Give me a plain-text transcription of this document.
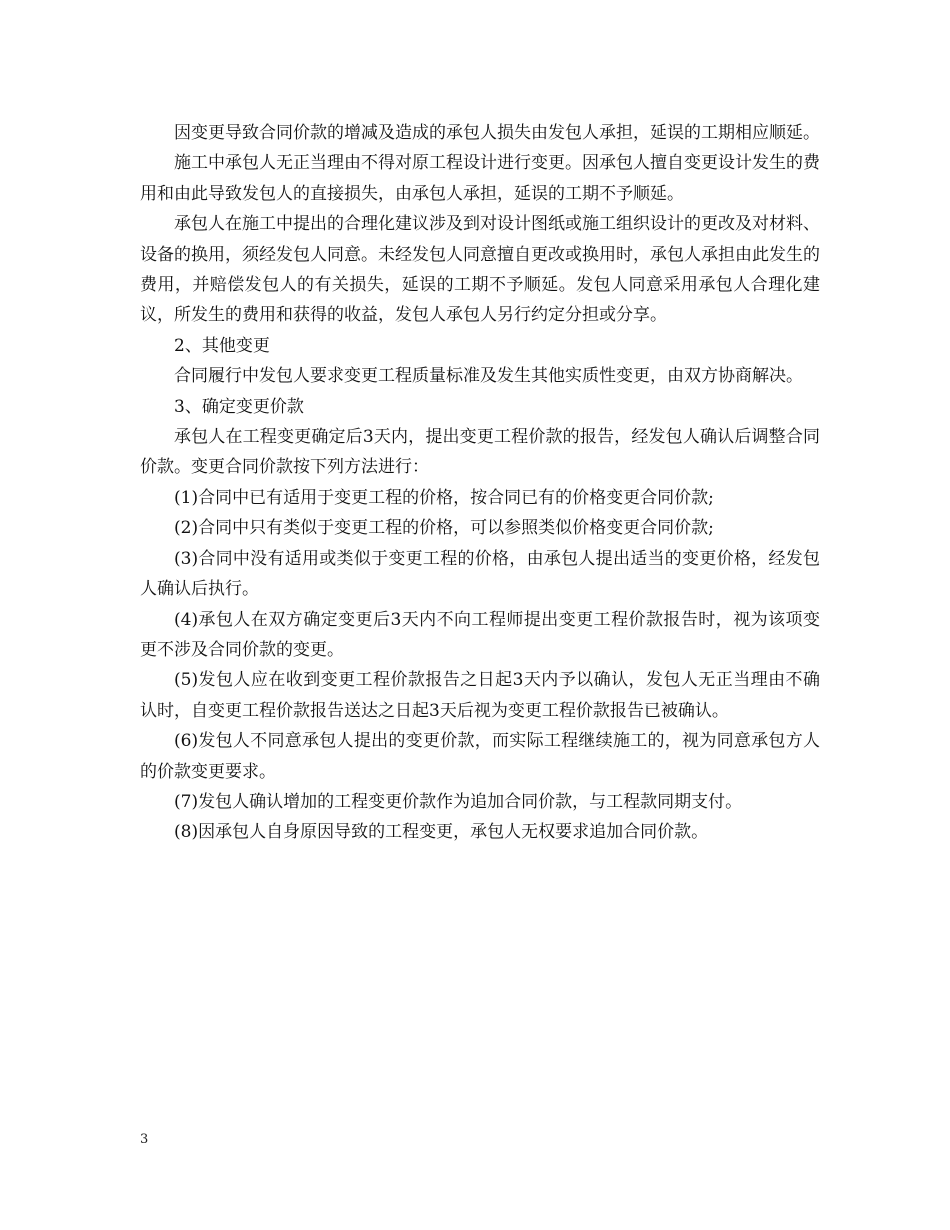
因变更导致合同价款的增减及造成的承包人损失由发包人承担，延误的工期相应顺延。

施工中承包人无正当理由不得对原工程设计进行变更。因承包人擅自变更设计发生的费用和由此导致发包人的直接损失，由承包人承担，延误的工期不予顺延。

承包人在施工中提出的合理化建议涉及到对设计图纸或施工组织设计的更改及对材料、设备的换用，须经发包人同意。未经发包人同意擅自更改或换用时，承包人承担由此发生的费用，并赔偿发包人的有关损失，延误的工期不予顺延。发包人同意采用承包人合理化建议，所发生的费用和获得的收益，发包人承包人另行约定分担或分享。

2、其他变更

合同履行中发包人要求变更工程质量标准及发生其他实质性变更，由双方协商解决。

3、确定变更价款

承包人在工程变更确定后3天内，提出变更工程价款的报告，经发包人确认后调整合同价款。变更合同价款按下列方法进行：

(1)合同中已有适用于变更工程的价格，按合同已有的价格变更合同价款;

(2)合同中只有类似于变更工程的价格，可以参照类似价格变更合同价款;

(3)合同中没有适用或类似于变更工程的价格，由承包人提出适当的变更价格，经发包人确认后执行。

(4)承包人在双方确定变更后3天内不向工程师提出变更工程价款报告时，视为该项变更不涉及合同价款的变更。

(5)发包人应在收到变更工程价款报告之日起3天内予以确认，发包人无正当理由不确认时，自变更工程价款报告送达之日起3天后视为变更工程价款报告已被确认。

(6)发包人不同意承包人提出的变更价款，而实际工程继续施工的，视为同意承包方人的价款变更要求。

(7)发包人确认增加的工程变更价款作为追加合同价款，与工程款同期支付。

(8)因承包人自身原因导致的工程变更，承包人无权要求追加合同价款。

3
